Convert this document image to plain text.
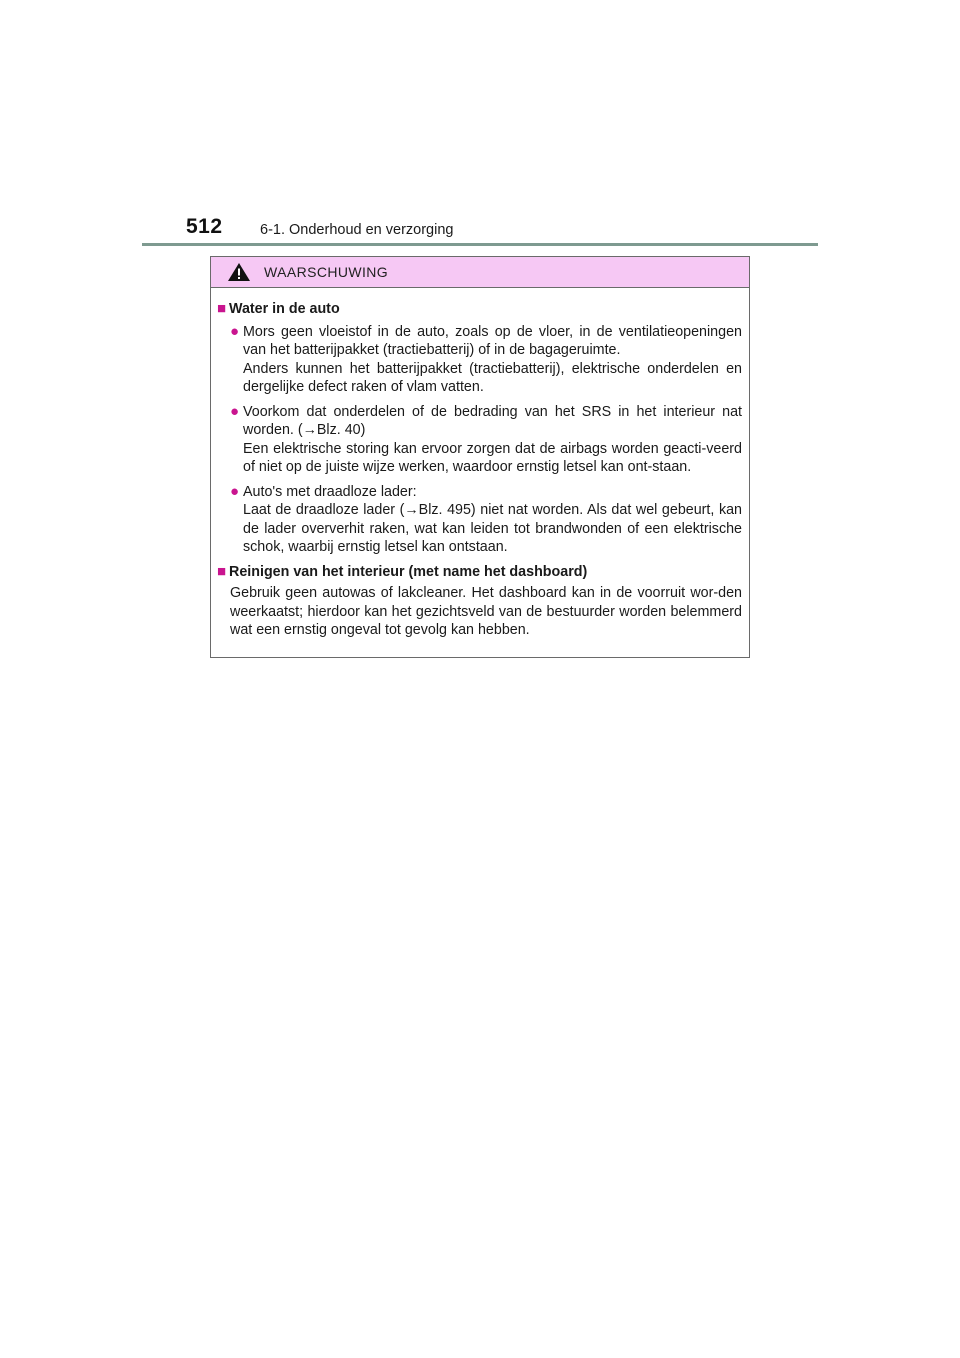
512	6-1. Onderhoud en verzorging
WAARSCHUWING
■ Water in de auto
● Mors geen vloeistof in de auto, zoals op de vloer, in de ventilatieopeningen van het batterijpakket (tractiebatterij) of in de bagageruimte.
Anders kunnen het batterijpakket (tractiebatterij), elektrische onderdelen en dergelijke defect raken of vlam vatten.
● Voorkom dat onderdelen of de bedrading van het SRS in het interieur nat worden. (→Blz. 40)
Een elektrische storing kan ervoor zorgen dat de airbags worden geacti-veerd of niet op de juiste wijze werken, waardoor ernstig letsel kan ont-staan.
● Auto's met draadloze lader:
Laat de draadloze lader (→Blz. 495) niet nat worden. Als dat wel gebeurt, kan de lader oververhit raken, wat kan leiden tot brandwonden of een elektrische schok, waarbij ernstig letsel kan ontstaan.
■ Reinigen van het interieur (met name het dashboard)
Gebruik geen autowas of lakcleaner. Het dashboard kan in de voorruit wor-den weerkaatst; hierdoor kan het gezichtsveld van de bestuurder worden belemmerd wat een ernstig ongeval tot gevolg kan hebben.
